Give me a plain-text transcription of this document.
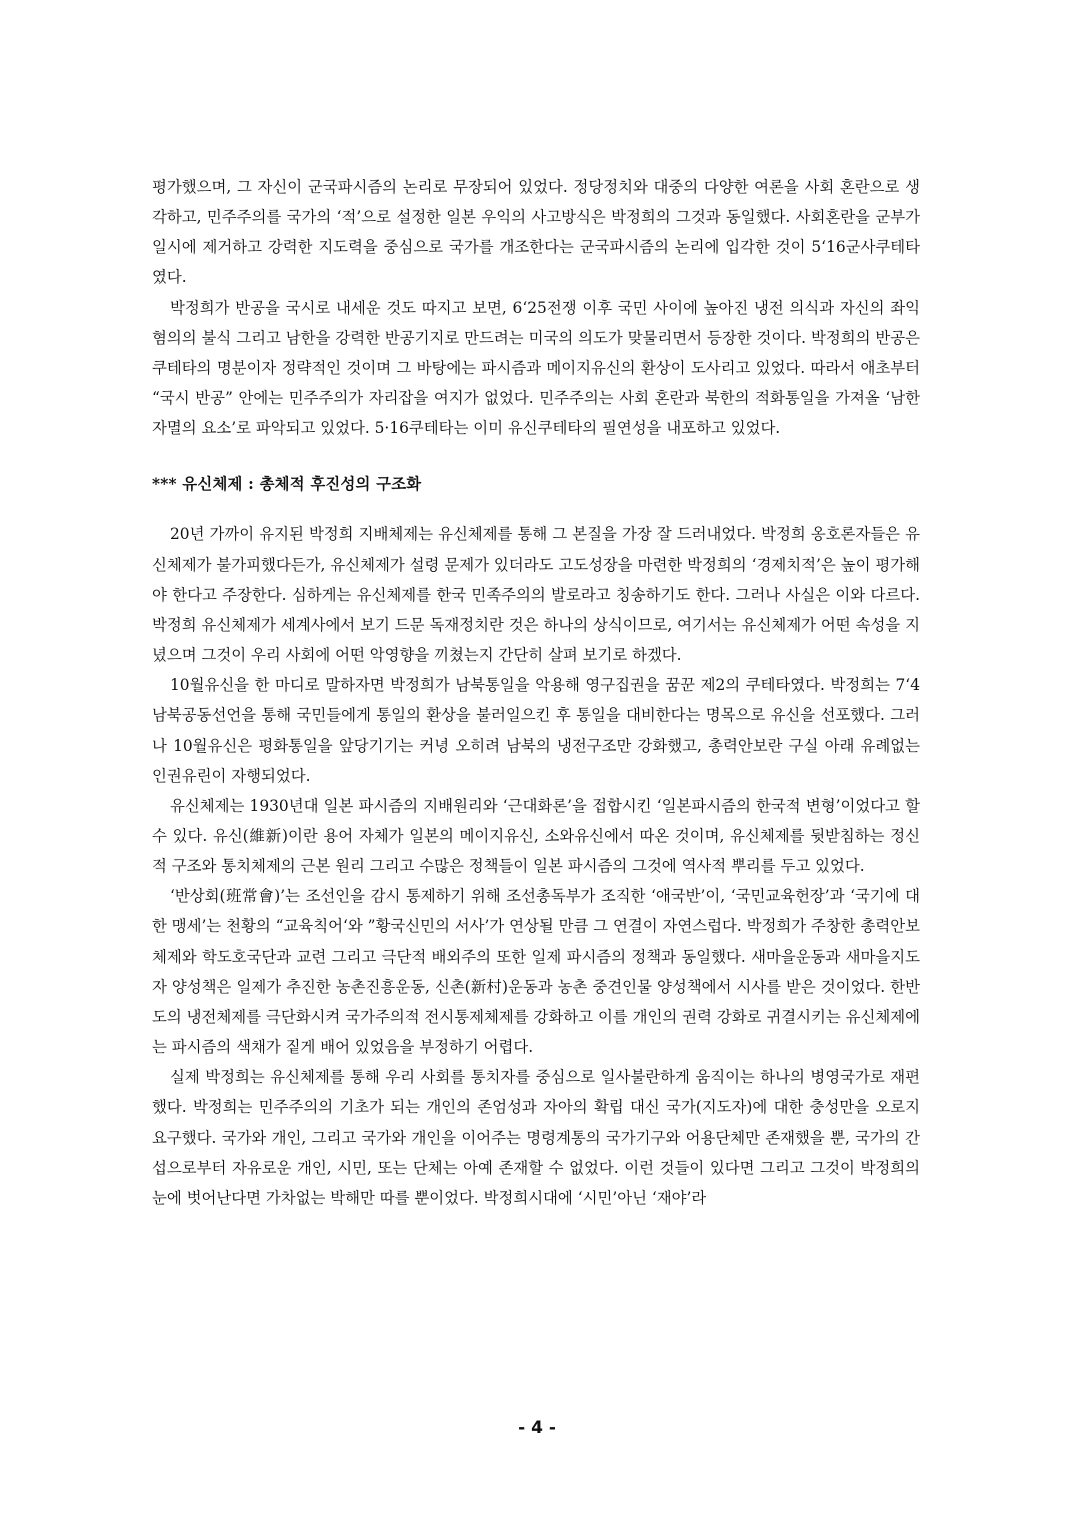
평가했으며, 그 자신이 군국파시즘의 논리로 무장되어 있었다. 정당정치와 대중의 다양한 여론을 사회 혼란으로 생각하고, 민주주의를 국가의 ‘적’으로 설정한 일본 우익의 사고방식은 박정희의 그것과 동일했다. 사회혼란을 군부가 일시에 제거하고 강력한 지도력을 중심으로 국가를 개조한다는 군국파시즘의 논리에 입각한 것이 5‘16군사쿠테타였다.

박정희가 반공을 국시로 내세운 것도 따지고 보면, 6‘25전쟁 이후 국민 사이에 높아진 냉전 의식과 자신의 좌익 혐의의 불식 그리고 남한을 강력한 반공기지로 만드려는 미국의 의도가 맞물리면서 등장한 것이다. 박정희의 반공은 쿠테타의 명분이자 정략적인 것이며 그 바탕에는 파시즘과 메이지유신의 환상이 도사리고 있었다. 따라서 애초부터 “국시 반공” 안에는 민주주의가 자리잡을 여지가 없었다. 민주주의는 사회 혼란과 북한의 적화통일을 가져올 ‘남한 자멸의 요소’로 파악되고 있었다. 5·16쿠테타는 이미 유신쿠테타의 필연성을 내포하고 있었다.

*** 유신체제 : 총체적 후진성의 구조화

20년 가까이 유지된 박정희 지배체제는 유신체제를 통해 그 본질을 가장 잘 드러내었다. 박정희 옹호론자들은 유신체제가 불가피했다든가, 유신체제가 설령 문제가 있더라도 고도성장을 마련한 박정희의 ‘경제치적’은 높이 평가해야 한다고 주장한다. 심하게는 유신체제를 한국 민족주의의 발로라고 칭송하기도 한다. 그러나 사실은 이와 다르다. 박정희 유신체제가 세계사에서 보기 드문 독재정치란 것은 하나의 상식이므로, 여기서는 유신체제가 어떤 속성을 지녔으며 그것이 우리 사회에 어떤 악영향을 끼쳤는지 간단히 살펴 보기로 하겠다.

10월유신을 한 마디로 말하자면 박정희가 남북통일을 악용해 영구집권을 꿈꾼 제2의 쿠테타였다. 박정희는 7‘4남북공동선언을 통해 국민들에게 통일의 환상을 불러일으킨 후 통일을 대비한다는 명목으로 유신을 선포했다. 그러나 10월유신은 평화통일을 앞당기기는 커녕 오히려 남북의 냉전구조만 강화했고, 총력안보란 구실 아래 유례없는 인권유린이 자행되었다.

유신체제는 1930년대 일본 파시즘의 지배원리와 ‘근대화론’을 접합시킨 ‘일본파시즘의 한국적 변형’이었다고 할 수 있다. 유신(維新)이란 용어 자체가 일본의 메이지유신, 소와유신에서 따온 것이며, 유신체제를 뒷받침하는 정신적 구조와 통치체제의 근본 원리 그리고 수많은 정책들이 일본 파시즘의 그것에 역사적 뿌리를 두고 있었다.

‘반상회(班常會)’는 조선인을 감시 통제하기 위해 조선총독부가 조직한 ‘애국반’이, ‘국민교육헌장’과 ‘국기에 대한 맹세’는 천황의 “교육칙어‘와 ”황국신민의 서사’가 연상될 만큼 그 연결이 자연스럽다. 박정희가 주창한 총력안보체제와 학도호국단과 교련 그리고 극단적 배외주의 또한 일제 파시즘의 정책과 동일했다. 새마을운동과 새마을지도자 양성책은 일제가 추진한 농촌진흥운동, 신촌(新村)운동과 농촌 중견인물 양성책에서 시사를 받은 것이었다. 한반도의 냉전체제를 극단화시켜 국가주의적 전시통제체제를 강화하고 이를 개인의 권력 강화로 귀결시키는 유신체제에는 파시즘의 색채가 짙게 배어 있었음을 부정하기 어렵다.

실제 박정희는 유신체제를 통해 우리 사회를 통치자를 중심으로 일사불란하게 움직이는 하나의 병영국가로 재편했다. 박정희는 민주주의의 기초가 되는 개인의 존엄성과 자아의 확립 대신 국가(지도자)에 대한 충성만을 오로지 요구했다. 국가와 개인, 그리고 국가와 개인을 이어주는 명령계통의 국가기구와 어용단체만 존재했을 뿐, 국가의 간섭으로부터 자유로운 개인, 시민, 또는 단체는 아예 존재할 수 없었다. 이런 것들이 있다면 그리고 그것이 박정희의 눈에 벗어난다면 가차없는 박해만 따를 뿐이었다. 박정희시대에 ‘시민’아닌 ‘재야’라

- 4 -
